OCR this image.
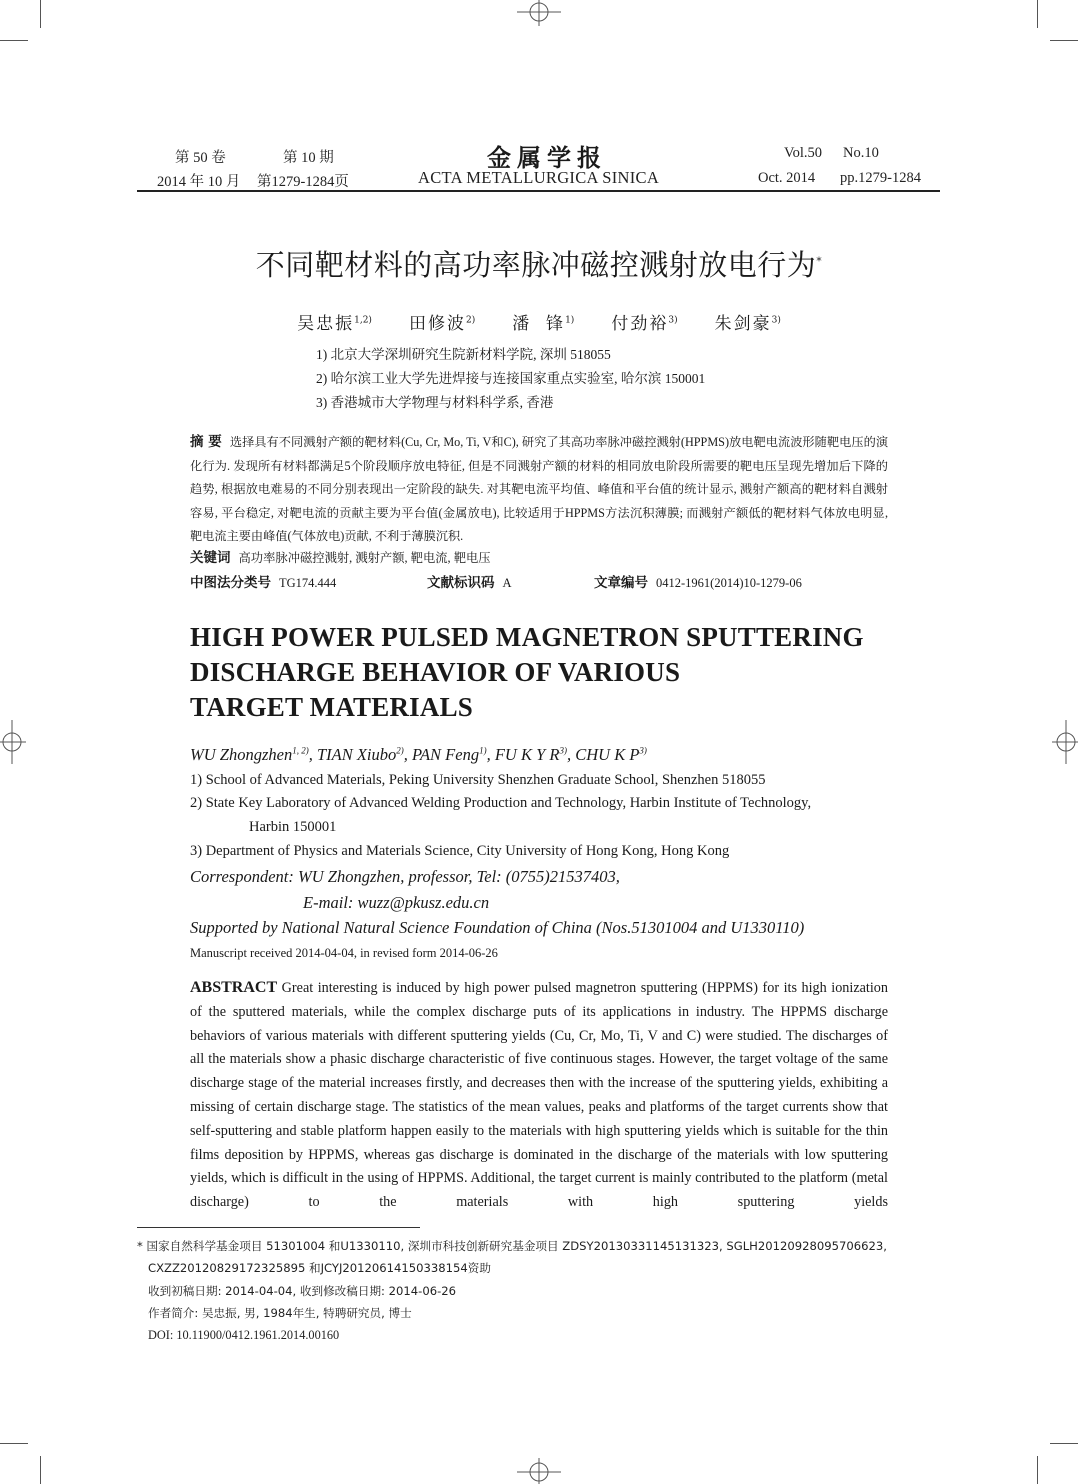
第 50 卷	第 10 期
2014 年 10 月 第1279-1284页
金属学报
ACTA METALLURGICA SINICA
Vol.50 No.10
Oct. 2014 pp.1279-1284
不同靶材料的高功率脉冲磁控溅射放电行为*
吴忠振$^{1,2)}$ 田修波$^{2)}$ 潘  锋$^{1)}$ 付劲裕$^{3)}$ 朱剑豪$^{3)}$
1) 北京大学深圳研究生院新材料学院, 深圳 518055
2) 哈尔滨工业大学先进焊接与连接国家重点实验室, 哈尔滨 150001
3) 香港城市大学物理与材料科学系, 香港
摘 要 选择具有不同溅射产额的靶材料(Cu, Cr, Mo, Ti, V和C), 研究了其高功率脉冲磁控溅射(HPPMS)放电靶电流波形随靶电压的演化行为. 发现所有材料都满足5个阶段顺序放电特征, 但是不同溅射产额的材料的相同放电阶段所需要的靶电压呈现先增加后下降的趋势, 根据放电难易的不同分别表现出一定阶段的缺失. 对其靶电流平均值、峰值和平台值的统计显示, 溅射产额高的靶材料自溅射容易, 平台稳定, 对靶电流的贡献主要为平台值(金属放电), 比较适用于HPPMS方法沉积薄膜; 而溅射产额低的靶材料气体放电明显, 靶电流主要由峰值(气体放电)贡献, 不利于薄膜沉积.
关键词 高功率脉冲磁控溅射, 溅射产额, 靶电流, 靶电压
中图法分类号 TG174.444	文献标识码 A	文章编号 0412-1961(2014)10-1279-06
HIGH POWER PULSED MAGNETRON SPUTTERING
DISCHARGE BEHAVIOR OF VARIOUS
TARGET MATERIALS
WU Zhongzhen$^{1, 2)}$, TIAN Xiubo$^{2)}$, PAN Feng$^{1)}$, FU K Y $R^{3)}$, CHU K $P^{3)}$
1) School of Advanced Materials, Peking University Shenzhen Graduate School, Shenzhen 518055
2) State Key Laboratory of Advanced Welding Production and Technology, Harbin Institute of Technology,
Harbin 150001
3) Department of Physics and Materials Science, City University of Hong Kong, Hong Kong
Correspondent: WU Zhongzhen, professor, Tel: (0755)21537403,
E-mail: wuzz@pkusz.edu.cn
Supported by National Natural Science Foundation of China (Nos.51301004 and U1330110)
Manuscript received 2014-04-04, in revised form 2014-06-26
ABSTRACT Great interesting is induced by high power pulsed magnetron sputtering (HPPMS) for its high ionization of the sputtered materials, while the complex discharge puts of its applications in industry. The HPPMS discharge behaviors of various materials with different sputtering yields (Cu, Cr, Mo, Ti, V and C) were studied. The discharges of all the materials show a phasic discharge characteristic of five continuous stages. However, the target voltage of the same discharge stage of the material increases firstly, and decreases then with the increase of the sputtering yields, exhibiting a missing of certain discharge stage. The statistics of the mean values, peaks and platforms of the target currents show that self-sputtering and stable platform happen easily to the materials with high sputtering yields which is suitable for the thin films deposition by HPPMS, whereas gas discharge is dominated in the discharge of the materials with low sputtering yields, which is difficult in the using of HPPMS. Additional, the target current is mainly contributed to the platform (metal discharge) to the materials with high sputtering yields
* 国家自然科学基金项目 51301004 和U1330110, 深圳市科技创新研究基金项目 ZDSY20130331145131323, SGLH20120928095706623,
CXZZ20120829172325895 和JCYJ20120614150338154资助
收到初稿日期: 2014-04-04, 收到修改稿日期: 2014-06-26
作者简介: 吴忠振, 男, 1984年生, 特聘研究员, 博士
DOI: 10.11900/0412.1961.2014.00160
